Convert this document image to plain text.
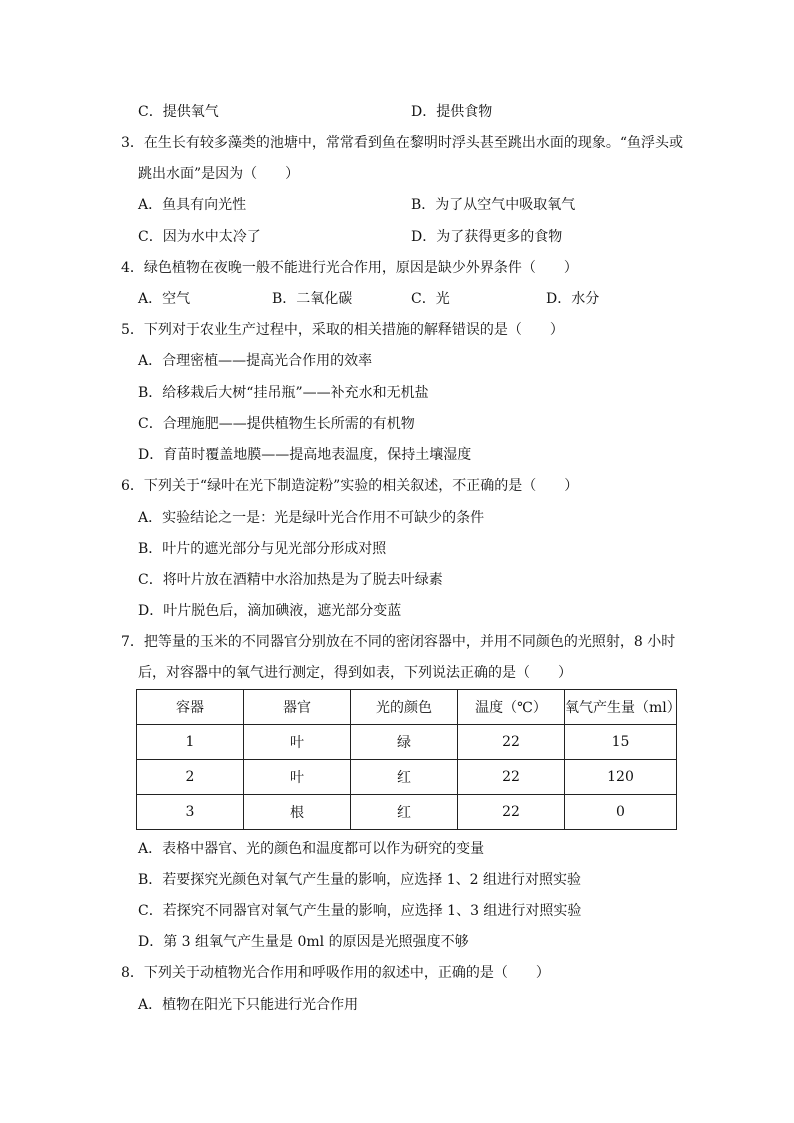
C．提供氧气	D．提供食物
3．在生长有较多藻类的池塘中，常常看到鱼在黎明时浮头甚至跳出水面的现象。“鱼浮头或
跳出水面”是因为（　　）
A．鱼具有向光性	B．为了从空气中吸取氧气
C．因为水中太冷了	D．为了获得更多的食物
4．绿色植物在夜晚一般不能进行光合作用，原因是缺少外界条件（　　）
A．空气	B．二氧化碳	C．光	D．水分
5．下列对于农业生产过程中，采取的相关措施的解释错误的是（　　）
A．合理密植——提高光合作用的效率
B．给移栽后大树“挂吊瓶”——补充水和无机盐
C．合理施肥——提供植物生长所需的有机物
D．育苗时覆盖地膜——提高地表温度，保持土壤湿度
6．下列关于“绿叶在光下制造淀粉”实验的相关叙述，不正确的是（　　）
A．实验结论之一是：光是绿叶光合作用不可缺少的条件
B．叶片的遮光部分与见光部分形成对照
C．将叶片放在酒精中水浴加热是为了脱去叶绿素
D．叶片脱色后，滴加碘液，遮光部分变蓝
7．把等量的玉米的不同器官分别放在不同的密闭容器中，并用不同颜色的光照射，8 小时
后，对容器中的氧气进行测定，得到如表，下列说法正确的是（　　）
容器	器官	光的颜色	温度（℃）	氧气产生量（ml）
1	叶	绿	22	15
2	叶	红	22	120
3	根	红	22	0
A．表格中器官、光的颜色和温度都可以作为研究的变量
B．若要探究光颜色对氧气产生量的影响，应选择 1、2 组进行对照实验
C．若探究不同器官对氧气产生量的影响，应选择 1、3 组进行对照实验
D．第 3 组氧气产生量是 0ml 的原因是光照强度不够
8．下列关于动植物光合作用和呼吸作用的叙述中，正确的是（　　）
A．植物在阳光下只能进行光合作用
